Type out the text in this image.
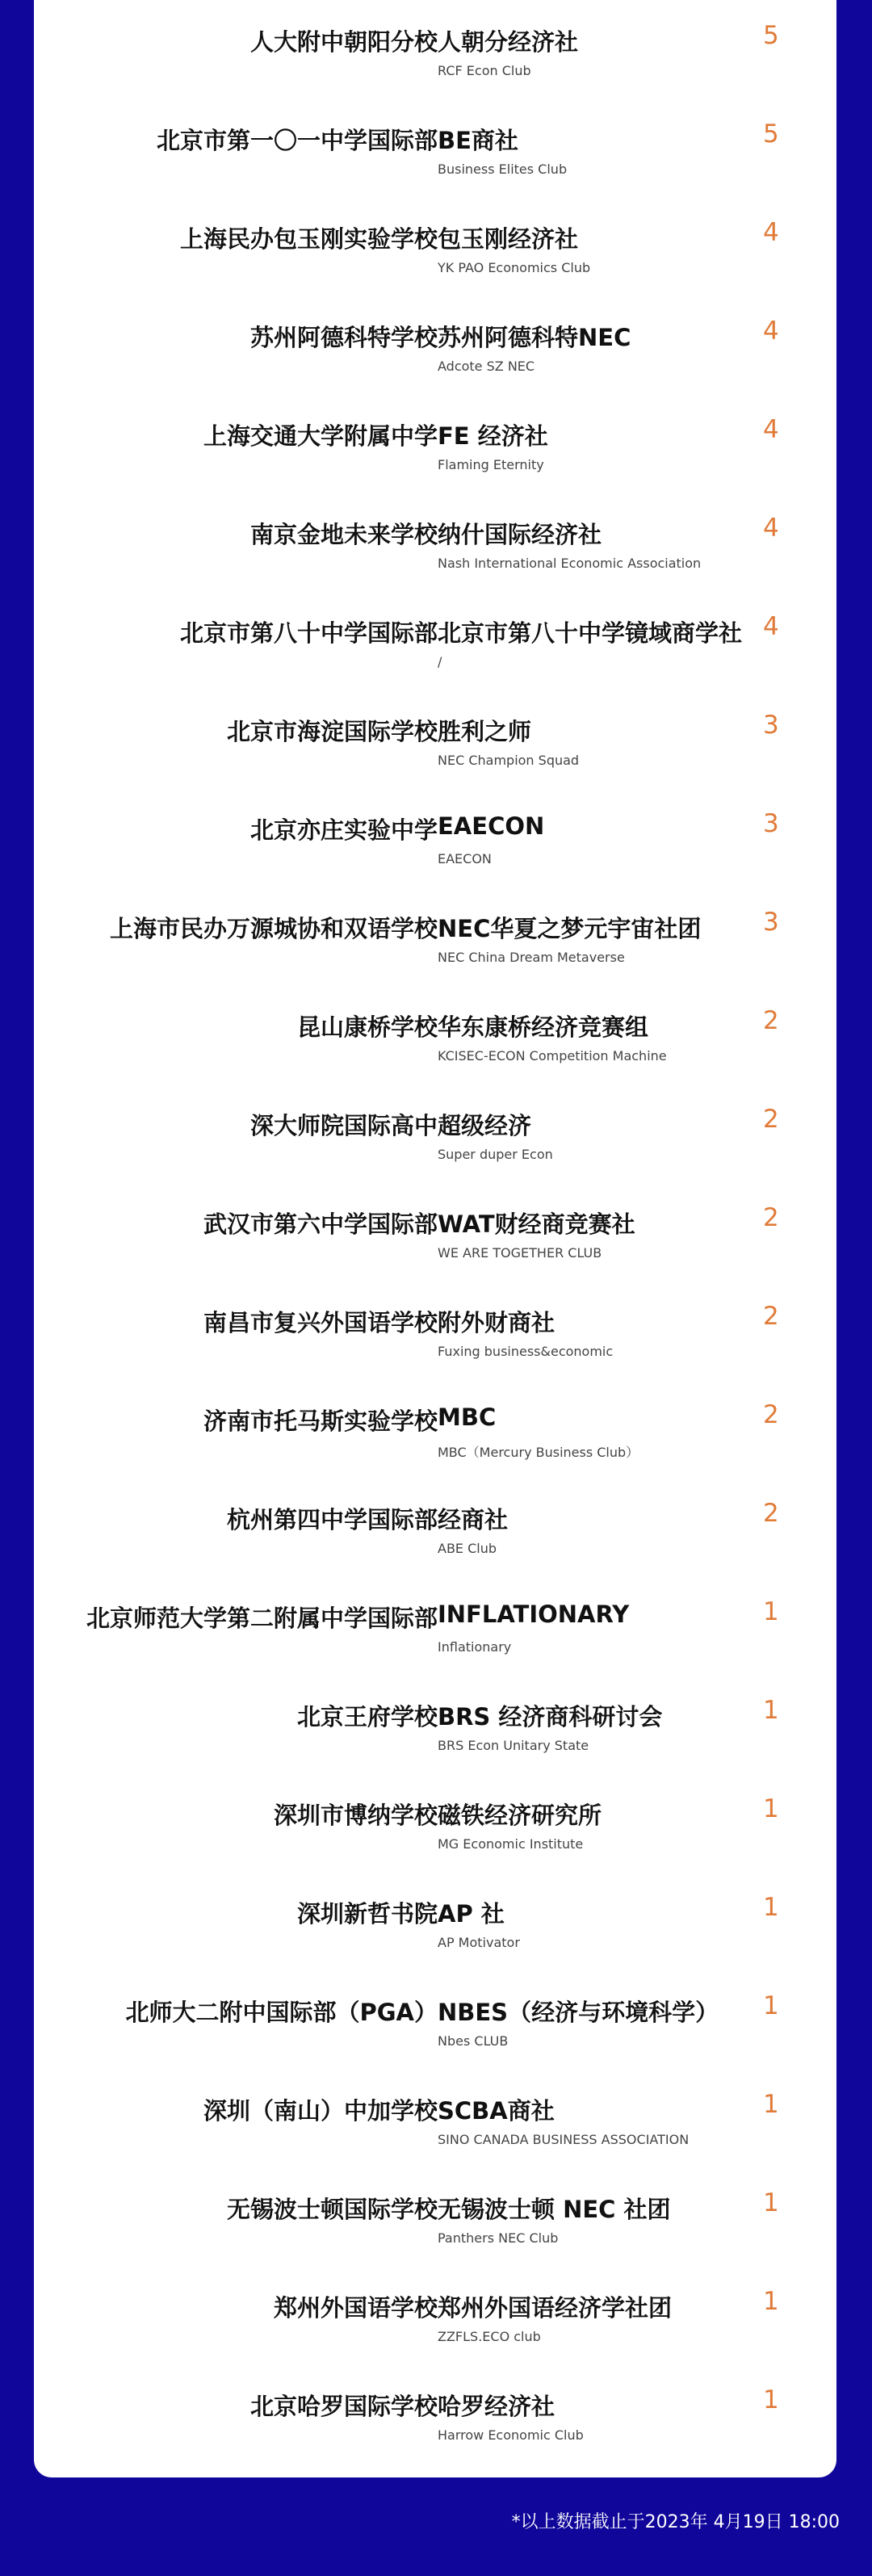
人大附中朝阳分校 人朝分经济社
RCF Econ Club
5
北京市第一〇一中学国际部 BE商社
Business Elites Club
5
上海民办包玉刚实验学校 包玉刚经济社
YK PAO Economics Club
4
苏州阿德科特学校 苏州阿德科特NEC
Adcote SZ NEC
4
上海交通大学附属中学 FE 经济社
Flaming Eternity
4
南京金地未来学校 纳什国际经济社
Nash International Economic Association
4
北京市第八十中学国际部 北京市第八十中学镜域商学社
/
4
北京市海淀国际学校 胜利之师
NEC Champion Squad
3
北京亦庄实验中学 EAECON
EAECON
3
上海市民办万源城协和双语学校 NEC华夏之梦元宇宙社团
NEC China Dream Metaverse
3
昆山康桥学校 华东康桥经济竞赛组
KCISEC-ECON Competition Machine
2
深大师院国际高中 超级经济
Super duper Econ
2
武汉市第六中学国际部 WAT财经商竞赛社
WE ARE TOGETHER CLUB
2
南昌市复兴外国语学校 附外财商社
Fuxing business&economic
2
济南市托马斯实验学校 MBC
MBC（Mercury Business Club）
2
杭州第四中学国际部 经商社
ABE Club
2
北京师范大学第二附属中学国际部 INFLATIONARY
Inflationary
1
北京王府学校 BRS 经济商科研讨会
BRS Econ Unitary State
1
深圳市博纳学校 磁铁经济研究所
MG Economic Institute
1
深圳新哲书院 AP 社
AP Motivator
1
北师大二附中国际部（PGA） NBES（经济与环境科学）
Nbes CLUB
1
深圳（南山）中加学校 SCBA商社
SINO CANADA BUSINESS ASSOCIATION
1
无锡波士顿国际学校 无锡波士顿 NEC 社团
Panthers NEC Club
1
郑州外国语学校 郑州外国语经济学社团
ZZFLS.ECO club
1
北京哈罗国际学校 哈罗经济社
Harrow Economic Club
1
*以上数据截止于2023年 4月19日 18:00
